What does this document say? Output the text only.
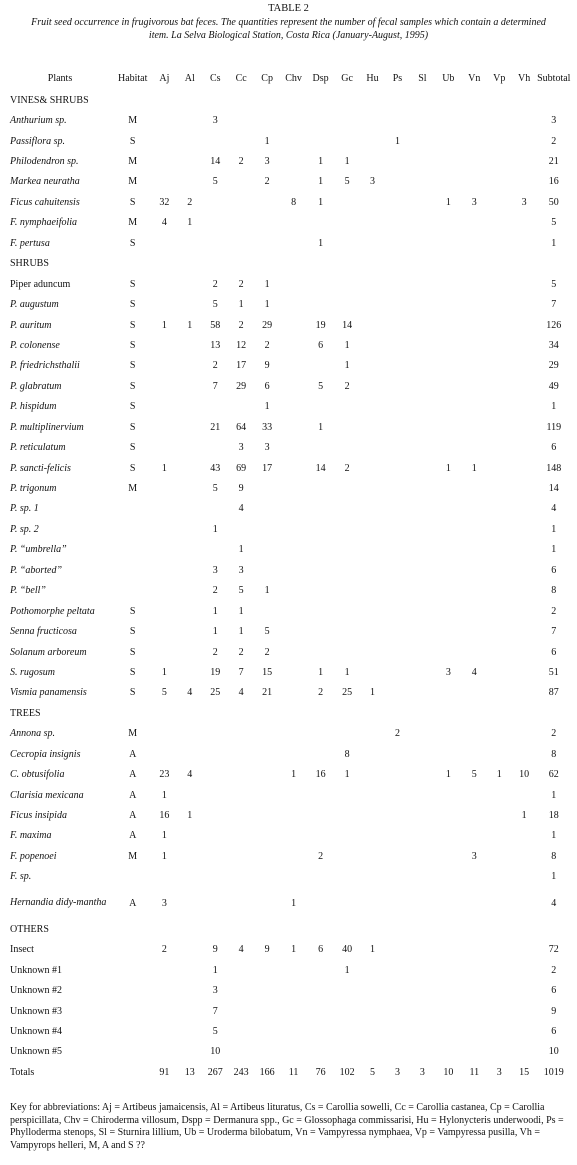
TABLE 2
Fruit seed occurrence in frugivorous bat feces. The quantities represent the number of fecal samples which contain a determined item. La Selva Biological Station, Costa Rica (January-August, 1995)
Plants	Habitat	Aj	Al	Cs	Cc	Cp	Chv	Dsp	Gc	Hu	Ps	Sl	Ub	Vn	Vp	Vh	Subtotal
VINES& SHRUBS																	
Anthurium sp.	M			3													3
Passiflora sp.	S					1					1						2
Philodendron sp.	M			14	2	3		1	1								21
Markea neuratha	M			5		2		1	5	3							16
Ficus cahuitensis	S	32	2				8	1					1	3		3	50
F. nymphaeifolia	M	4	1														5
F. pertusa	S							1									1
SHRUBS																	
Piper aduncum	S			2	2	1											5
P. augustum	S			5	1	1											7
P. auritum	S	1	1	58	2	29		19	14								126
P. colonense	S			13	12	2		6	1								34
P. friedrichsthalii	S			2	17	9			1								29
P. glabratum	S			7	29	6		5	2								49
P. hispidum	S					1											1
P. multiplinervium	S			21	64	33		1									119
P. reticulatum	S				3	3											6
P. sancti-felicis	S	1		43	69	17		14	2				1	1			148
P. trigonum	M			5	9												14
P. sp. 1					4												4
P. sp. 2				1													1
P. “umbrella”					1												1
P. “aborted”				3	3												6
P. “bell”				2	5	1											8
Pothomorphe peltata	S			1	1												2
Senna fructicosa	S			1	1	5											7
Solanum arboreum	S			2	2	2											6
S. rugosum	S	1		19	7	15		1	1				3	4			51
Vismia panamensis	S	5	4	25	4	21		2	25	1							87
TREES																	
Annona sp.	M										2						2
Cecropia insignis	A								8								8
C. obtusifolia	A	23	4				1	16	1				1	5	1	10	62
Clarisia mexicana	A	1															1
Ficus insipida	A	16	1													1	18
F. maxima	A	1															1
F. popenoei	M	1						2						3			8
F. sp.																	1
Hernandia didy-mantha	A	3					1										4
OTHERS																	
Insect		2		9	4	9	1	6	40	1							72
Unknown #1				1					1								2
Unknown #2				3													6
Unknown #3				7													9
Unknown #4				5													6
Unknown #5				10													10
Totals		91	13	267	243	166	11	76	102	5	3	3	10	11	3	15	1019
Key for abbreviations: Aj = Artibeus jamaicensis, Al = Artibeus lituratus, Cs = Carollia sowelli, Cc = Carollia castanea, Cp = Carollia perspicillata, Chv = Chiroderma villosum, Dspp = Dermanura spp., Gc = Glossophaga commissarisi, Hu = Hylonycteris underwoodi, Ps = Phylloderma stenops, Sl = Sturnira lillium, Ub = Uroderma bilobatum, Vn = Vampyressa nymphaea, Vp = Vampyressa pusilla, Vh = Vampyrops helleri, M, A and S ??
